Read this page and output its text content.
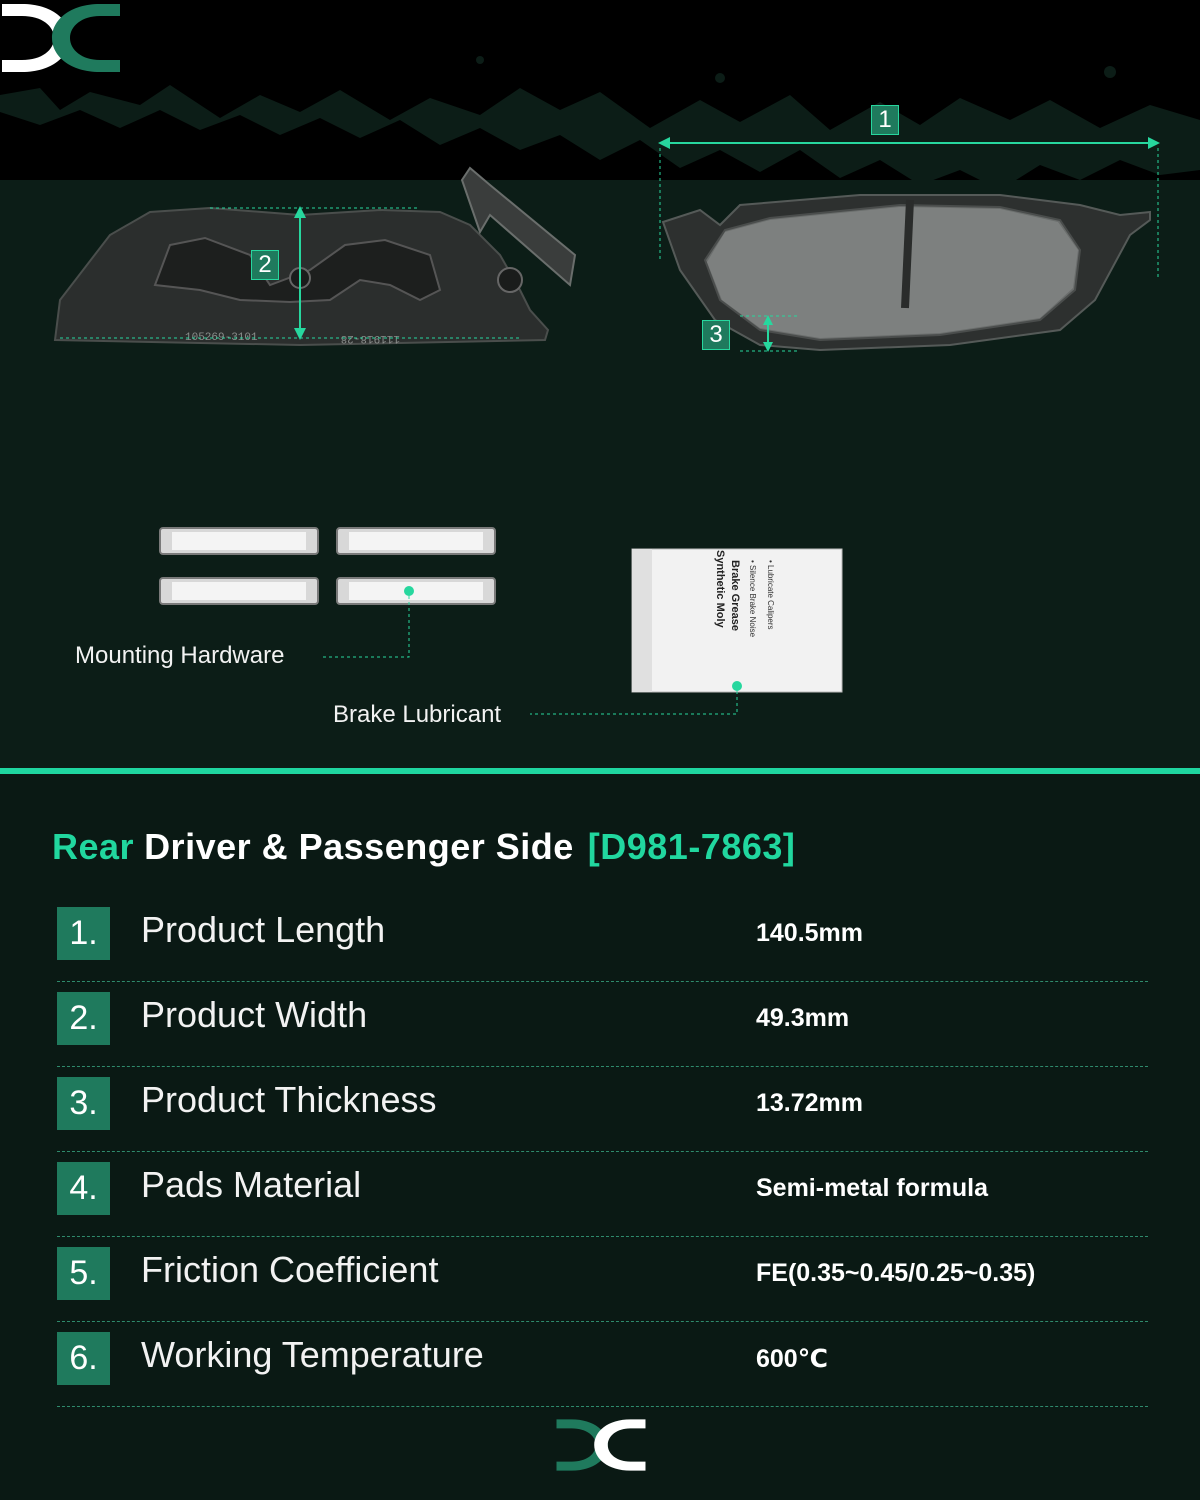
105269-3101	111918-28
Synthetic Moly Brake Grease • Silence Brake Noise • Lubricate Calipers
1
2
3
Mounting Hardware
Brake Lubricant
Rear Driver & Passenger Side [D981-7863]
1.	Product Length	140.5mm
2.	Product Width	49.3mm
3.	Product Thickness	13.72mm
4.	Pads Material	Semi-metal formula
5.	Friction Coefficient	FE(0.35~0.45/0.25~0.35)
6.	Working Temperature	600℃
